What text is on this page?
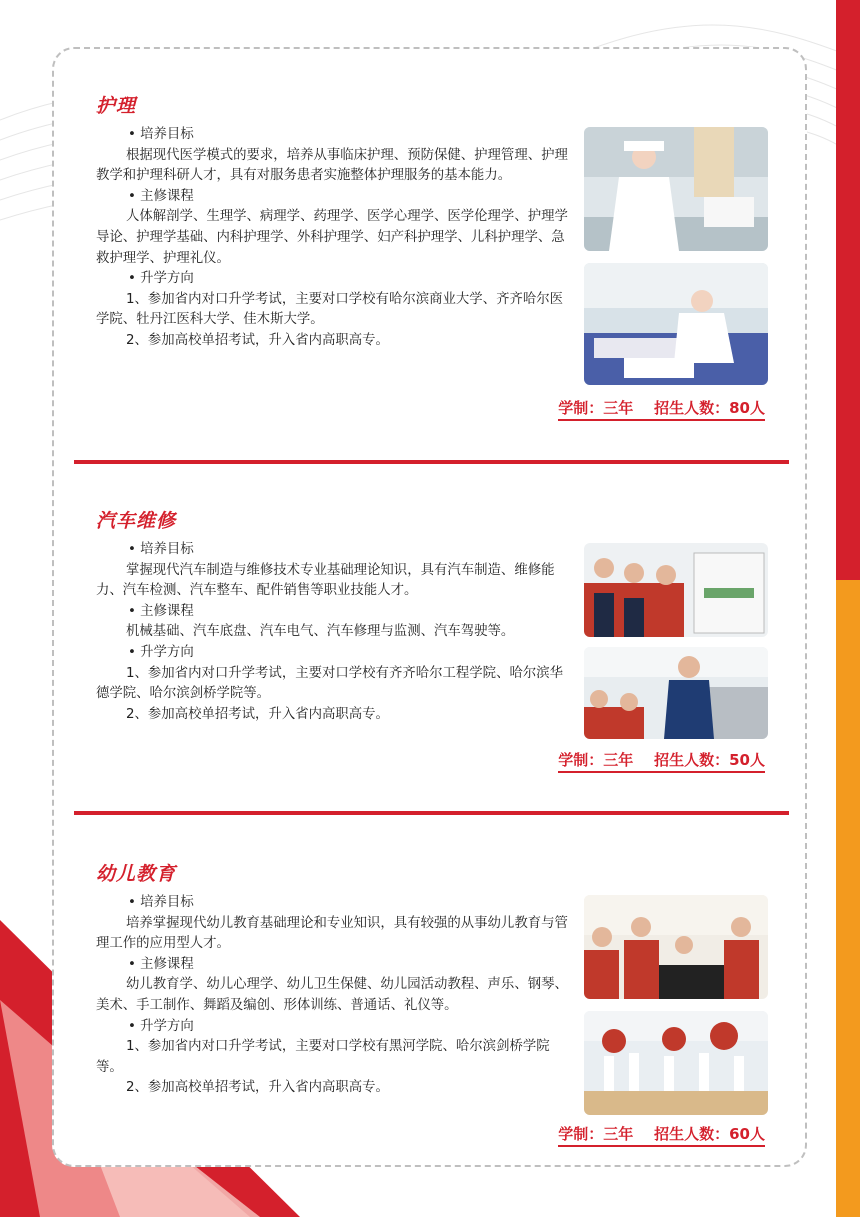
护理

• 培养目标

根据现代医学模式的要求，培养从事临床护理、预防保健、护理管理、护理教学和护理科研人才，具有对服务患者实施整体护理服务的基本能力。

• 主修课程

人体解剖学、生理学、病理学、药理学、医学心理学、医学伦理学、护理学导论、护理学基础、内科护理学、外科护理学、妇产科护理学、儿科护理学、急救护理学、护理礼仪。

• 升学方向

1、参加省内对口升学考试，主要对口学校有哈尔滨商业大学、齐齐哈尔医学院、牡丹江医科大学、佳木斯大学。

2、参加高校单招考试，升入省内高职高专。

学制：三年    招生人数：80人
汽车维修

• 培养目标

掌握现代汽车制造与维修技术专业基础理论知识，具有汽车制造、维修能力、汽车检测、汽车整车、配件销售等职业技能人才。

• 主修课程

机械基础、汽车底盘、汽车电气、汽车修理与监测、汽车驾驶等。

• 升学方向

1、参加省内对口升学考试，主要对口学校有齐齐哈尔工程学院、哈尔滨华德学院、哈尔滨剑桥学院等。

2、参加高校单招考试，升入省内高职高专。

学制：三年    招生人数：50人
幼儿教育

• 培养目标

培养掌握现代幼儿教育基础理论和专业知识，具有较强的从事幼儿教育与管理工作的应用型人才。

• 主修课程

幼儿教育学、幼儿心理学、幼儿卫生保健、幼儿园活动教程、声乐、钢琴、美术、手工制作、舞蹈及编创、形体训练、普通话、礼仪等。

• 升学方向

1、参加省内对口升学考试，主要对口学校有黑河学院、哈尔滨剑桥学院等。

2、参加高校单招考试，升入省内高职高专。

学制：三年    招生人数：60人
